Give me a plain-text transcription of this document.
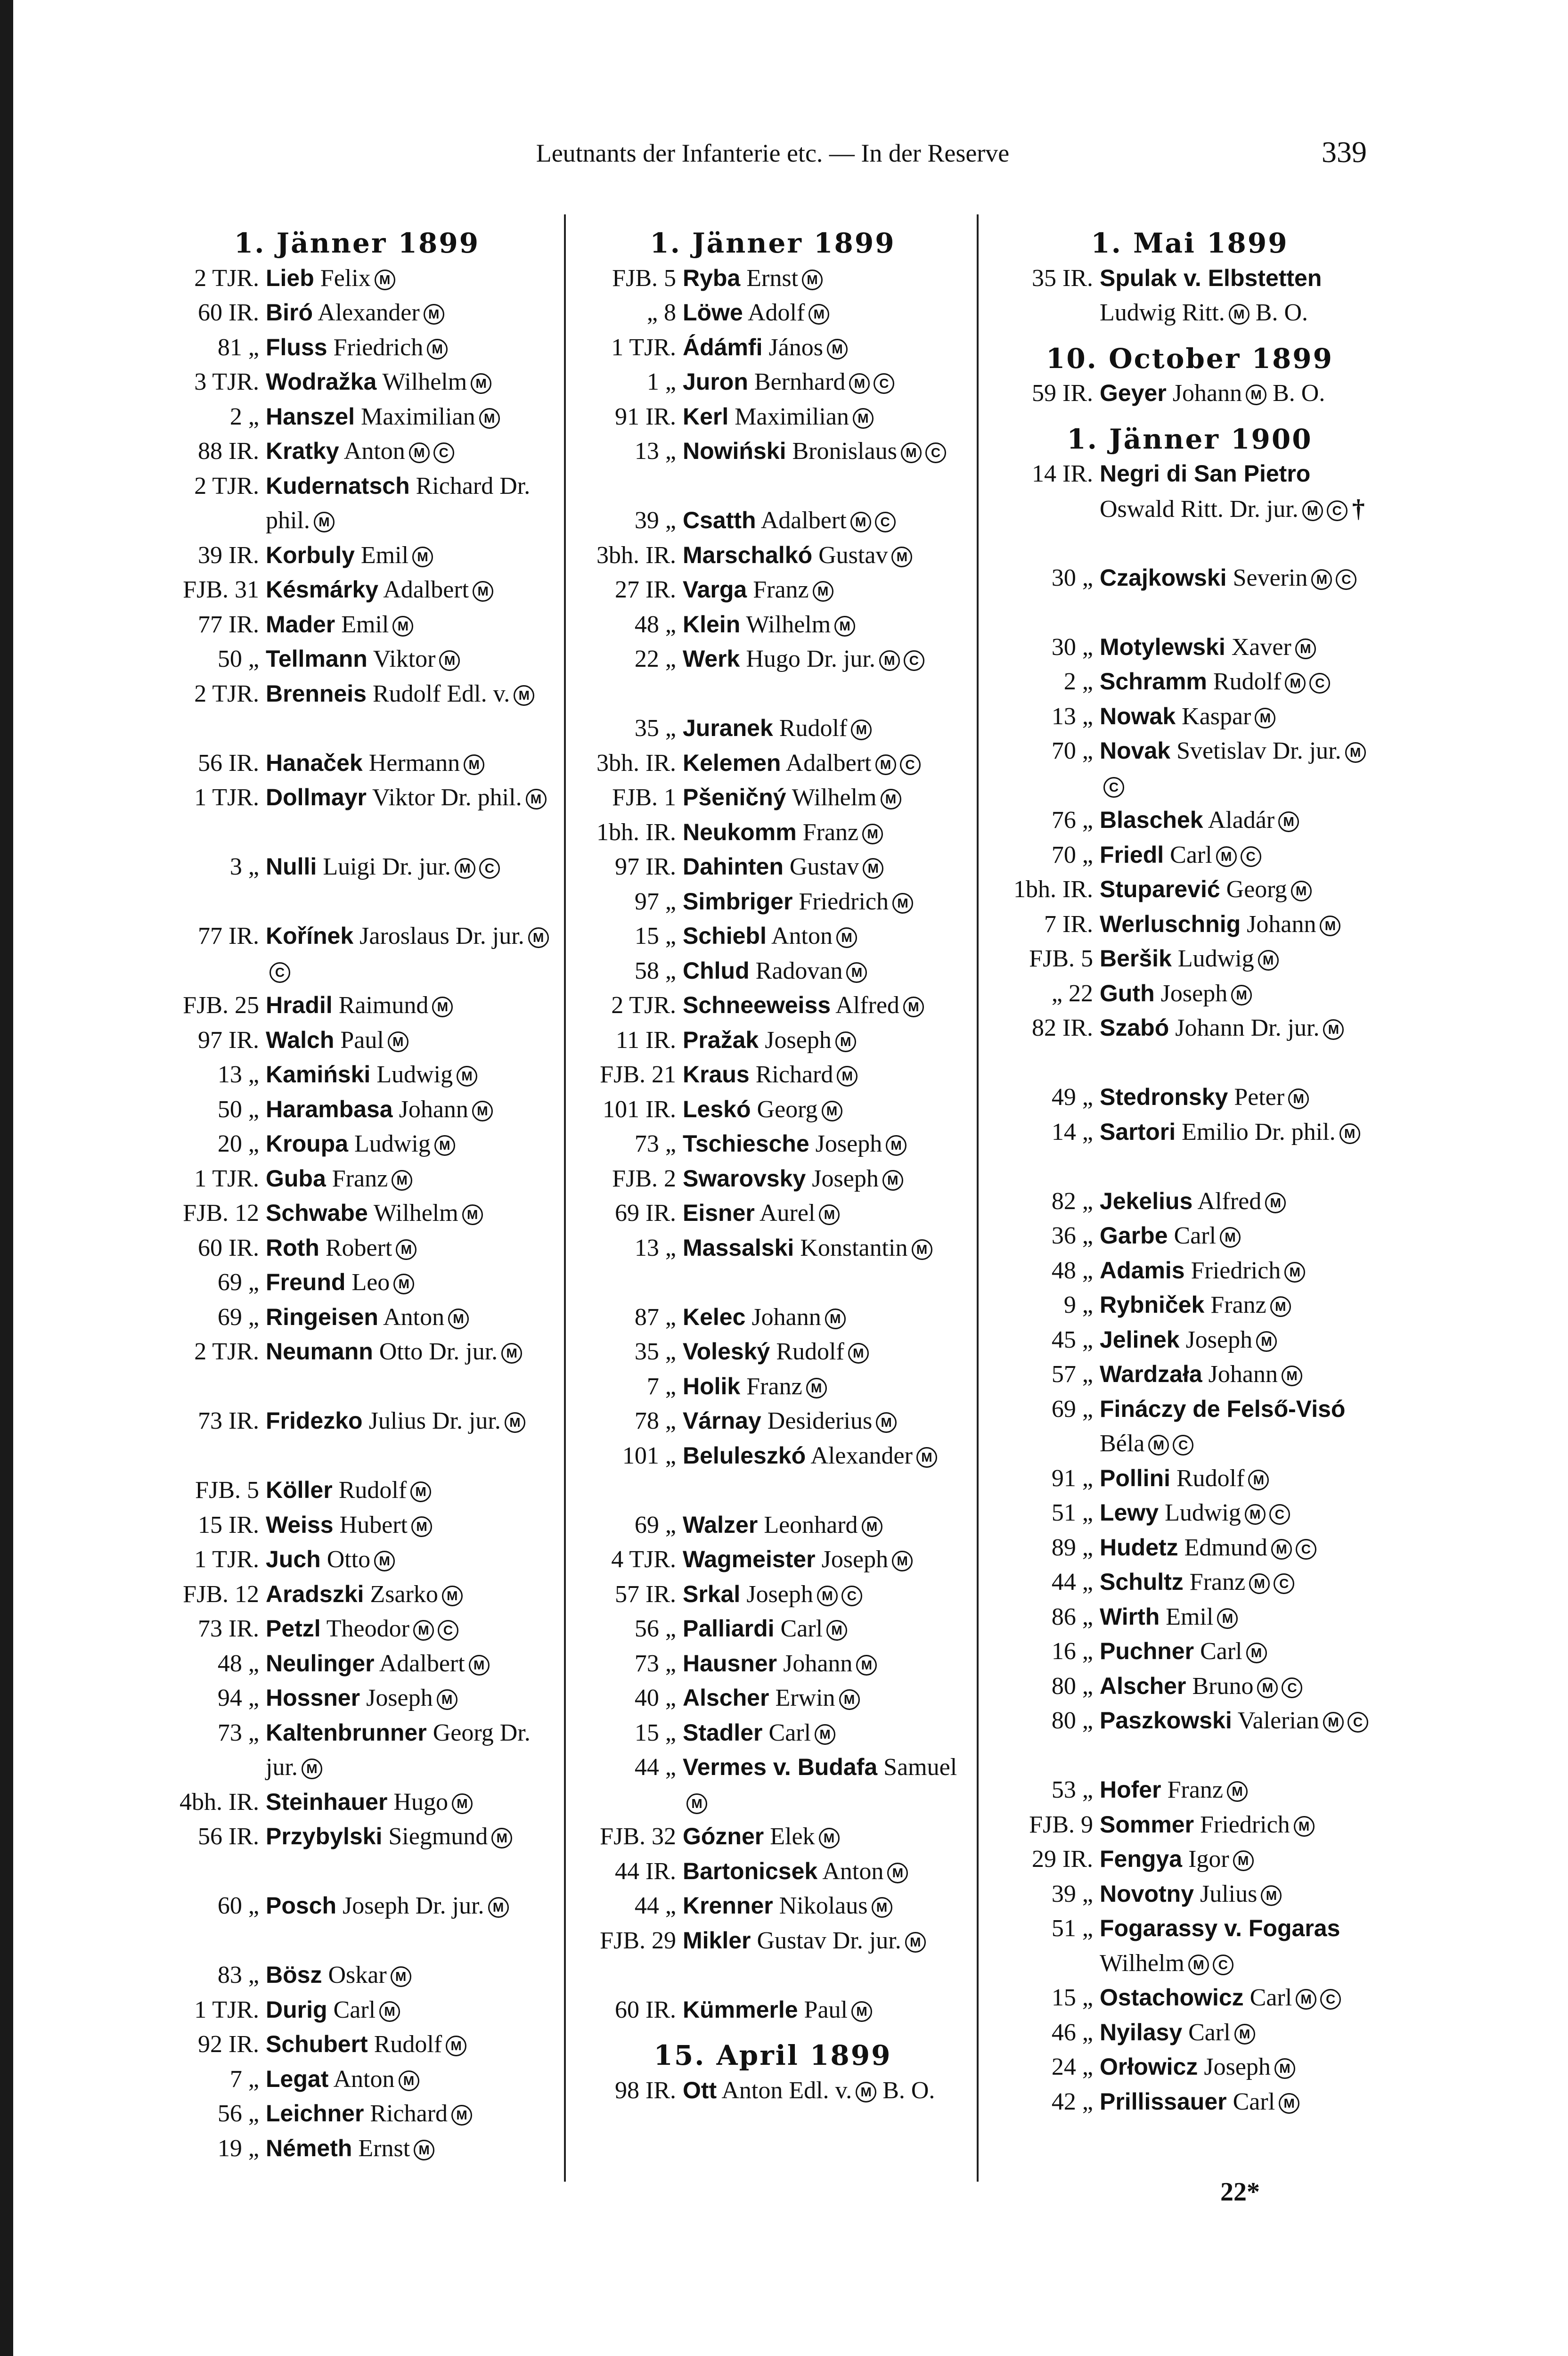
Leutnants der Infanterie etc. — In der Reserve	339
1. Jänner 1899
2 TJR. Lieb Felix M
60 IR. Biró Alexander M
81 „ Fluss Friedrich M
3 TJR. Wodražka Wilhelm M
2 „ Hanszel Maximilian M
88 IR. Kratky Anton M C
2 TJR. Kudernatsch Richard Dr. phil. M
39 IR. Korbuly Emil M
FJB. 31 Késmárky Adalbert M
77 IR. Mader Emil M
50 „ Tellmann Viktor M
2 TJR. Brenneis Rudolf Edl. v. M
56 IR. Hanaček Hermann M
1 TJR. Dollmayr Viktor Dr. phil. M
3 „ Nulli Luigi Dr. jur. M C
77 IR. Kořínek Jaroslaus Dr. jur. MC
FJB. 25 Hradil Raimund M
97 IR. Walch Paul M
13 „ Kamiński Ludwig M
50 „ Harambasa Johann M
20 „ Kroupa Ludwig M
1 TJR. Guba Franz M
FJB. 12 Schwabe Wilhelm M
60 IR. Roth Robert M
69 „ Freund Leo M
69 „ Ringeisen Anton M
2 TJR. Neumann Otto Dr. jur. M
73 IR. Fridezko Julius Dr. jur. M
FJB. 5 Köller Rudolf M
15 IR. Weiss Hubert M
1 TJR. Juch Otto M
FJB. 12 Aradszki Zsarko M
73 IR. Petzl Theodor M C
48 „ Neulinger Adalbert M
94 „ Hossner Joseph M
73 „ Kaltenbrunner Georg Dr. jur. M
4bh. IR. Steinhauer Hugo M
56 IR. Przybylski Siegmund M
60 „ Posch Joseph Dr. jur. M
83 „ Bösz Oskar M
1 TJR. Durig Carl M
92 IR. Schubert Rudolf M
7 „ Legat Anton M
56 „ Leichner Richard M
19 „ Németh Ernst M
1. Jänner 1899
FJB. 5 Ryba Ernst M
„ 8 Löwe Adolf M
1 TJR. Ádámfi János M
1 „ Juron Bernhard M C
91 IR. Kerl Maximilian M
13 „ Nowiński Bronislaus M C
39 „ Csatth Adalbert M C
3bh. IR. Marschalkó Gustav M
27 IR. Varga Franz M
48 „ Klein Wilhelm M
22 „ Werk Hugo Dr. jur. M C
35 „ Juranek Rudolf M
3bh. IR. Kelemen Adalbert M C
FJB. 1 Pšeničný Wilhelm M
1bh. IR. Neukomm Franz M
97 IR. Dahinten Gustav M
97 „ Simbriger Friedrich M
15 „ Schiebl Anton M
58 „ Chlud Radovan M
2 TJR. Schneeweiss Alfred M
11 IR. Pražak Joseph M
FJB. 21 Kraus Richard M
101 IR. Leskó Georg M
73 „ Tschiesche Joseph M
FJB. 2 Swarovsky Joseph M
69 IR. Eisner Aurel M
13 „ Massalski Konstantin M
87 „ Kelec Johann M
35 „ Voleský Rudolf M
7 „ Holik Franz M
78 „ Várnay Desiderius M
101 „ Beluleszkó Alexander M
69 „ Walzer Leonhard M
4 TJR. Wagmeister Joseph M
57 IR. Srkal Joseph M C
56 „ Palliardi Carl M
73 „ Hausner Johann M
40 „ Alscher Erwin M
15 „ Stadler Carl M
44 „ Vermes v. Budafa SamuelM
FJB. 32 Gózner Elek M
44 IR. Bartonicsek Anton M
44 „ Krenner Nikolaus M
FJB. 29 Mikler Gustav Dr. jur. M
60 IR. Kümmerle Paul M
15. April 1899
98 IR. Ott Anton Edl. v. M B. O.
1. Mai 1899
35 IR. Spulak v. Elbstetten Ludwig Ritt. M B. O.
10. October 1899
59 IR. Geyer Johann M B. O.
1. Jänner 1900
14 IR. Negri di San Pietro Oswald Ritt. Dr. jur. M C †
30 „ Czajkowski Severin M C
30 „ Motylewski Xaver M
2 „ Schramm Rudolf M C
13 „ Nowak Kaspar M
70 „ Novak Svetislav Dr. jur. MC
76 „ Blaschek Aladár M
70 „ Friedl Carl M C
1bh. IR. Stuparević Georg M
7 IR. Werluschnig Johann M
FJB. 5 Beršik Ludwig M
„ 22 Guth Joseph M
82 IR. Szabó Johann Dr. jur. M
49 „ Stedronsky Peter M
14 „ Sartori Emilio Dr. phil. M
82 „ Jekelius Alfred M
36 „ Garbe Carl M
48 „ Adamis Friedrich M
9 „ Rybniček Franz M
45 „ Jelinek Joseph M
57 „ Wardzała Johann M
69 „ Fináczy de Felső-Visó Béla M C
91 „ Pollini Rudolf M
51 „ Lewy Ludwig M C
89 „ Hudetz Edmund M C
44 „ Schultz Franz M C
86 „ Wirth Emil M
16 „ Puchner Carl M
80 „ Alscher Bruno M C
80 „ Paszkowski Valerian M C
53 „ Hofer Franz M
FJB. 9 Sommer Friedrich M
29 IR. Fengya Igor M
39 „ Novotny Julius M
51 „ Fogarassy v. Fogaras Wilhelm M C
15 „ Ostachowicz Carl M C
46 „ Nyilasy Carl M
24 „ Orłowicz Joseph M
42 „ Prillissauer Carl M
22*
